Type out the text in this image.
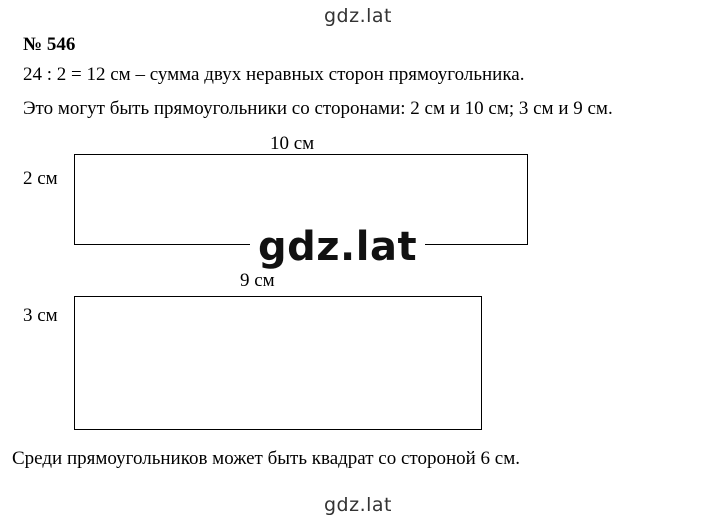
gdz.lat
№ 546
24 : 2 = 12 см – сумма двух неравных сторон прямоугольника.
Это могут быть прямоугольники со сторонами: 2 см и 10 см; 3 см и 9 см.
10 см
2 см
gdz.lat
9 см
3 см
Среди прямоугольников может быть квадрат со стороной 6 см.
gdz.lat
